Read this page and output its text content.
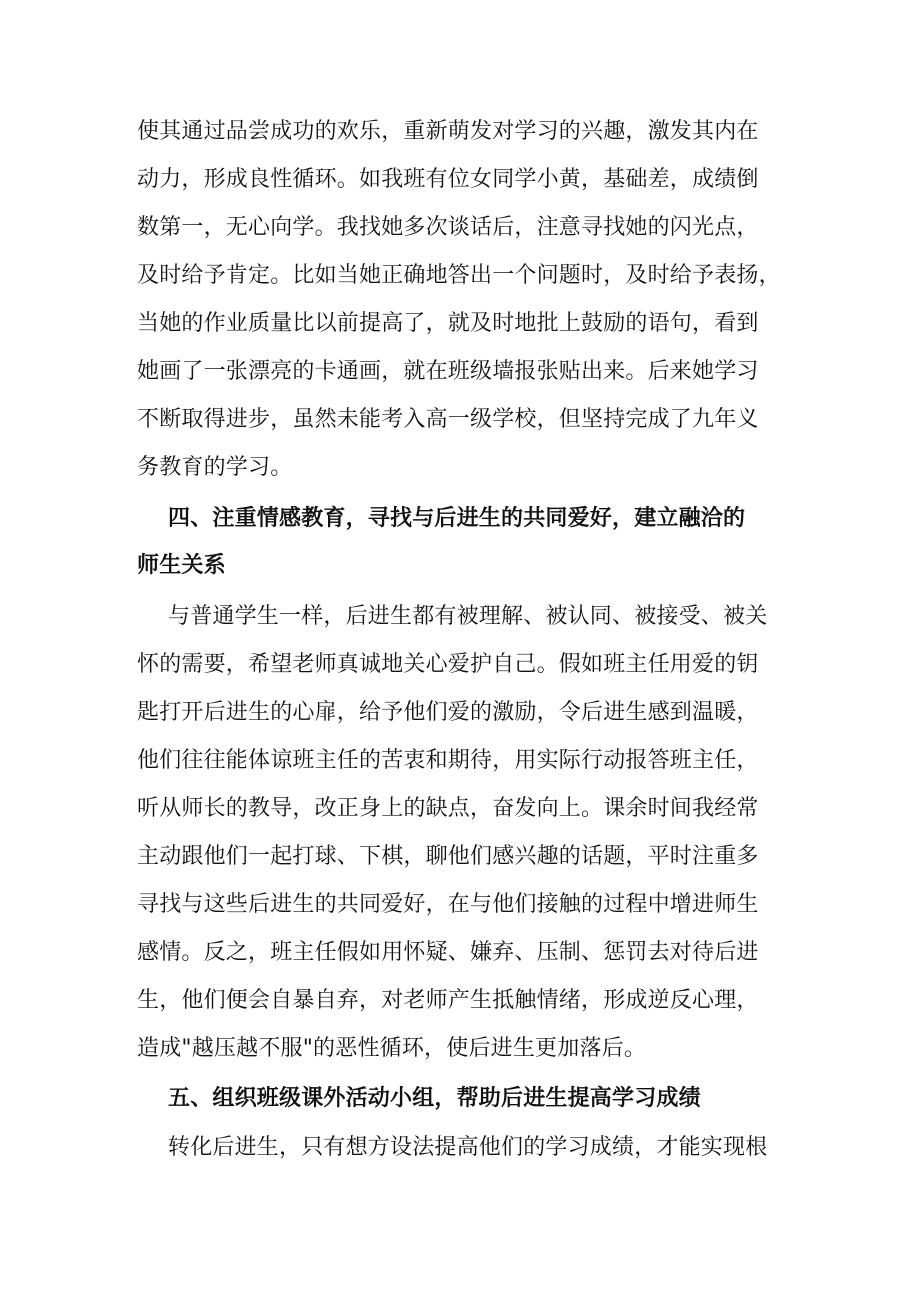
使其通过品尝成功的欢乐，重新萌发对学习的兴趣，激发其内在
动力，形成良性循环。如我班有位女同学小黄，基础差，成绩倒
数第一，无心向学。我找她多次谈话后，注意寻找她的闪光点，
及时给予肯定。比如当她正确地答出一个问题时，及时给予表扬，
当她的作业质量比以前提高了，就及时地批上鼓励的语句，看到
她画了一张漂亮的卡通画，就在班级墙报张贴出来。后来她学习
不断取得进步，虽然未能考入高一级学校，但坚持完成了九年义
务教育的学习。
四、注重情感教育，寻找与后进生的共同爱好，建立融洽的
师生关系
与普通学生一样，后进生都有被理解、被认同、被接受、被关
怀的需要，希望老师真诚地关心爱护自己。假如班主任用爱的钥
匙打开后进生的心扉，给予他们爱的激励，令后进生感到温暖，
他们往往能体谅班主任的苦衷和期待，用实际行动报答班主任，
听从师长的教导，改正身上的缺点，奋发向上。课余时间我经常
主动跟他们一起打球、下棋，聊他们感兴趣的话题，平时注重多
寻找与这些后进生的共同爱好，在与他们接触的过程中增进师生
感情。反之，班主任假如用怀疑、嫌弃、压制、惩罚去对待后进
生，他们便会自暴自弃，对老师产生抵触情绪，形成逆反心理，
造成"越压越不服"的恶性循环，使后进生更加落后。
五、组织班级课外活动小组，帮助后进生提高学习成绩
转化后进生，只有想方设法提高他们的学习成绩，才能实现根
